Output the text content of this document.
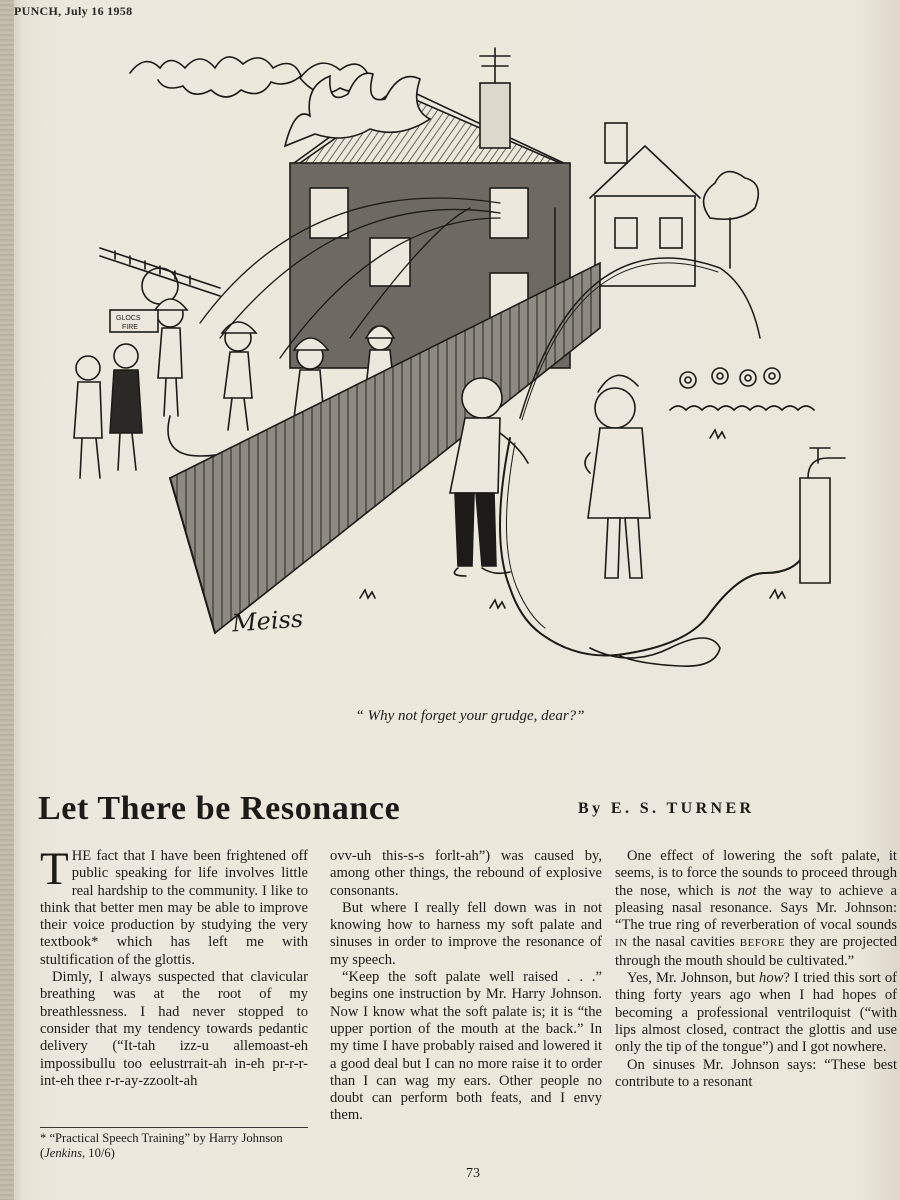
PUNCH, July 16 1958
GLOCS
FIRE
Meiss
“ Why not forget your grudge, dear?”
Let There be Resonance	By E. S. TURNER

THE fact that I have been frightened off public speaking for life involves little real hardship to the community. I like to think that better men may be able to improve their voice production by studying the very textbook* which has left me with stultification of the glottis.

Dimly, I always suspected that clavicular breathing was at the root of my breathlessness. I had never stopped to consider that my tendency towards pedantic delivery (“It-tah izz-u allemoast-eh impossibullu too eelustrrait-ah in-eh pr-r-r-int-eh thee r-r-ay-zzoolt-ah

ovv-uh this-s-s forlt-ah”) was caused by, among other things, the rebound of explosive consonants.

But where I really fell down was in not knowing how to harness my soft palate and sinuses in order to improve the resonance of my speech.

“Keep the soft palate well raised . . .” begins one instruction by Mr. Harry Johnson. Now I know what the soft palate is; it is “the upper portion of the mouth at the back.” In my time I have probably raised and lowered it a good deal but I can no more raise it to order than I can wag my ears. Other people no doubt can perform both feats, and I envy them.

One effect of lowering the soft palate, it seems, is to force the sounds to proceed through the nose, which is not the way to achieve a pleasing nasal resonance. Says Mr. Johnson: “The true ring of reverberation of vocal sounds IN the nasal cavities BEFORE they are projected through the mouth should be cultivated.”

Yes, Mr. Johnson, but how? I tried this sort of thing forty years ago when I had hopes of becoming a professional ventriloquist (“with lips almost closed, contract the glottis and use only the tip of the tongue”) and I got nowhere.

On sinuses Mr. Johnson says: “These best contribute to a resonant

* “Practical Speech Training” by Harry Johnson (Jenkins, 10/6)
73
